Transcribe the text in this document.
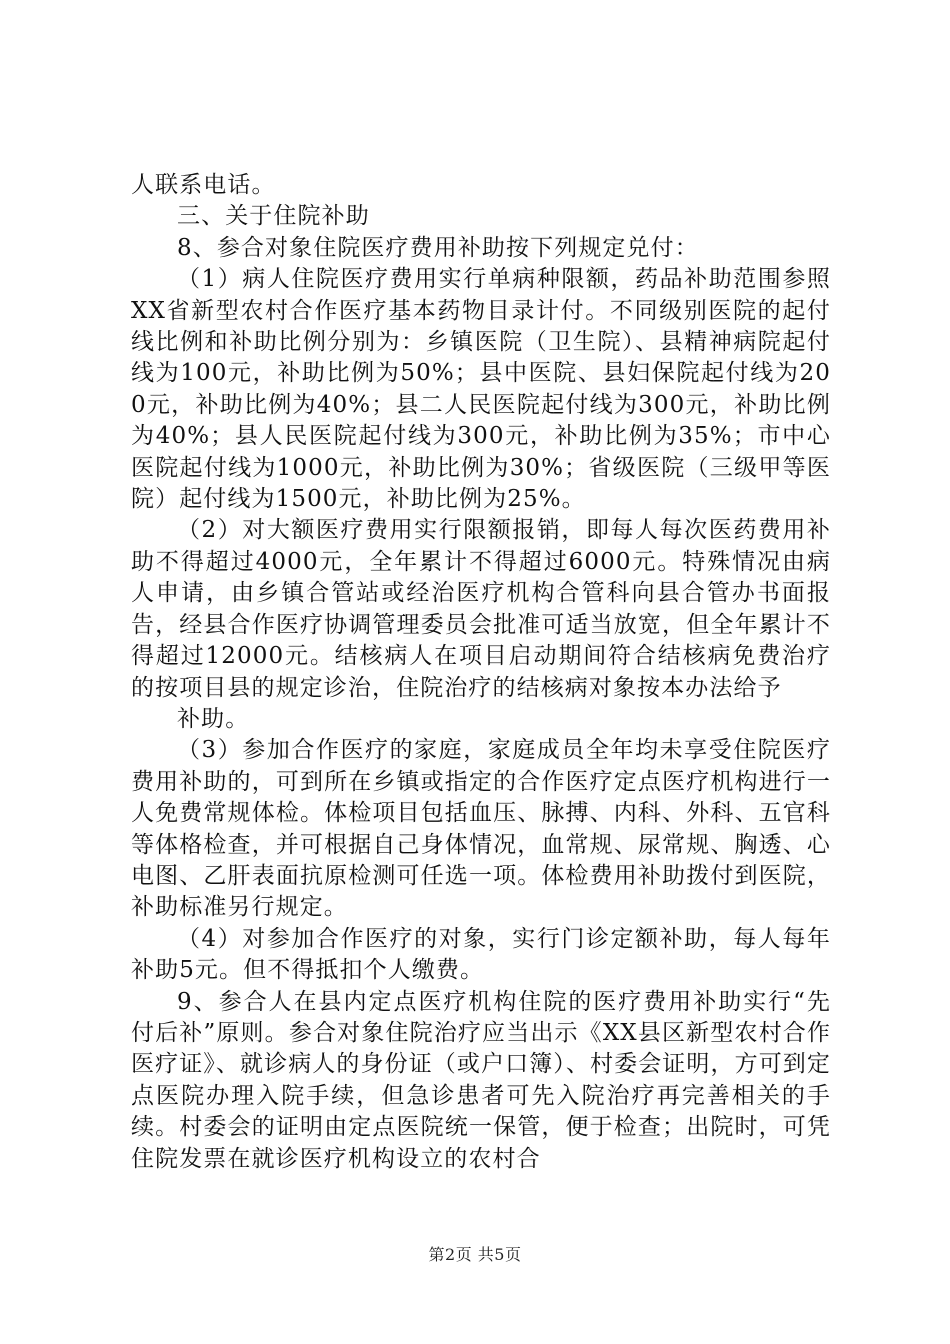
人联系电话。

三、关于住院补助

8、参合对象住院医疗费用补助按下列规定兑付：

（1）病人住院医疗费用实行单病种限额，药品补助范围参照XX省新型农村合作医疗基本药物目录计付。不同级别医院的起付线比例和补助比例分别为：乡镇医院（卫生院）、县精神病院起付线为100元，补助比例为50%；县中医院、县妇保院起付线为200元，补助比例为40%；县二人民医院起付线为300元，补助比例为40%；县人民医院起付线为300元，补助比例为35%；市中心医院起付线为1000元，补助比例为30%；省级医院（三级甲等医院）起付线为1500元，补助比例为25%。

（2）对大额医疗费用实行限额报销，即每人每次医药费用补助不得超过4000元，全年累计不得超过6000元。特殊情况由病人申请，由乡镇合管站或经治医疗机构合管科向县合管办书面报告，经县合作医疗协调管理委员会批准可适当放宽，但全年累计不得超过12000元。结核病人在项目启动期间符合结核病免费治疗的按项目县的规定诊治，住院治疗的结核病对象按本办法给予

补助。

（3）参加合作医疗的家庭，家庭成员全年均未享受住院医疗费用补助的，可到所在乡镇或指定的合作医疗定点医疗机构进行一人免费常规体检。体检项目包括血压、脉搏、内科、外科、五官科等体格检查，并可根据自己身体情况，血常规、尿常规、胸透、心电图、乙肝表面抗原检测可任选一项。体检费用补助拨付到医院，补助标准另行规定。

（4）对参加合作医疗的对象，实行门诊定额补助，每人每年补助5元。但不得抵扣个人缴费。

9、参合人在县内定点医疗机构住院的医疗费用补助实行“先付后补”原则。参合对象住院治疗应当出示《XX县区新型农村合作医疗证》、就诊病人的身份证（或户口簿）、村委会证明，方可到定点医院办理入院手续，但急诊患者可先入院治疗再完善相关的手续。村委会的证明由定点医院统一保管，便于检查；出院时，可凭住院发票在就诊医疗机构设立的农村合

第2页 共5页
